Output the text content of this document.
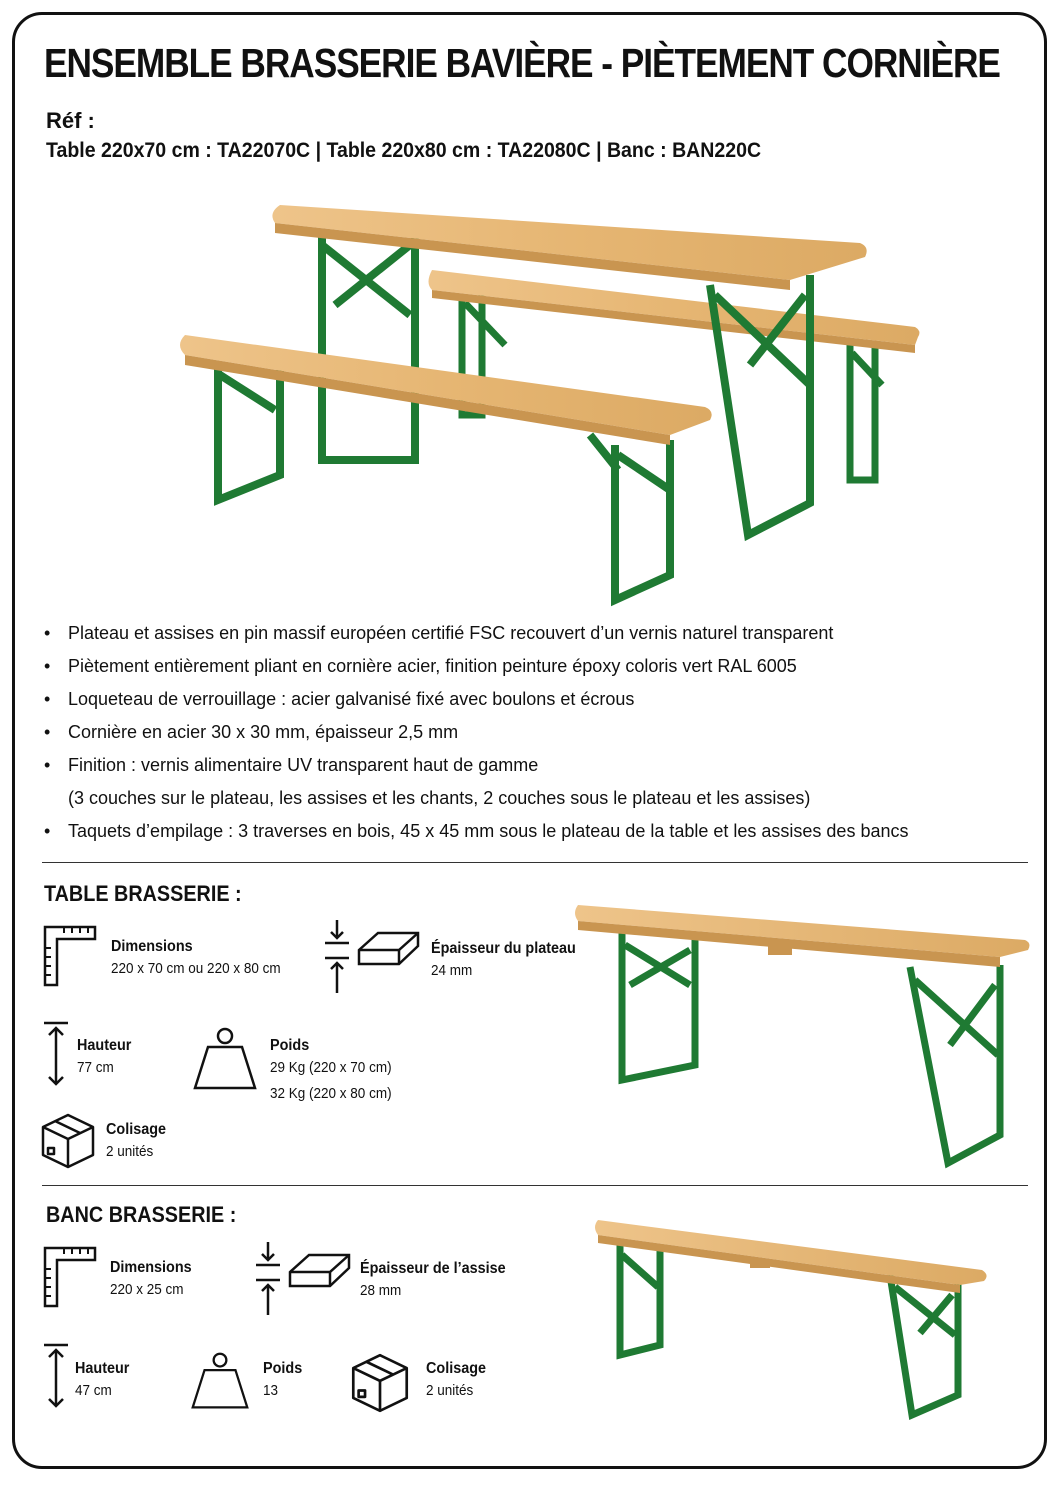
ENSEMBLE BRASSERIE BAVIÈRE - PIÈTEMENT CORNIÈRE
Réf :
Table 220x70 cm : TA22070C | Table 220x80 cm : TA22080C | Banc : BAN220C
• Plateau et assises en pin massif européen certifié FSC recouvert d’un vernis naturel transparent
• Piètement entièrement pliant en cornière acier, finition peinture époxy coloris vert RAL 6005
• Loqueteau de verrouillage : acier galvanisé fixé avec boulons et écrous
• Cornière en acier 30 x 30 mm, épaisseur 2,5 mm
• Finition : vernis alimentaire UV transparent haut de gamme
(3 couches sur le plateau, les assises et les chants, 2 couches sous le plateau et les assises)
• Taquets d’empilage : 3 traverses en bois, 45 x 45 mm sous le plateau de la table et les assises des bancs
TABLE BRASSERIE :
Dimensions
220 x 70 cm ou 220 x 80 cm
Épaisseur du plateau
24 mm
Hauteur
77 cm
Poids
29 Kg (220 x 70 cm)
32 Kg (220 x 80 cm)
Colisage
2 unités
BANC BRASSERIE :
Dimensions
220 x 25 cm
Épaisseur de l’assise
28 mm
Hauteur
47 cm
Poids
13
Colisage
2 unités
